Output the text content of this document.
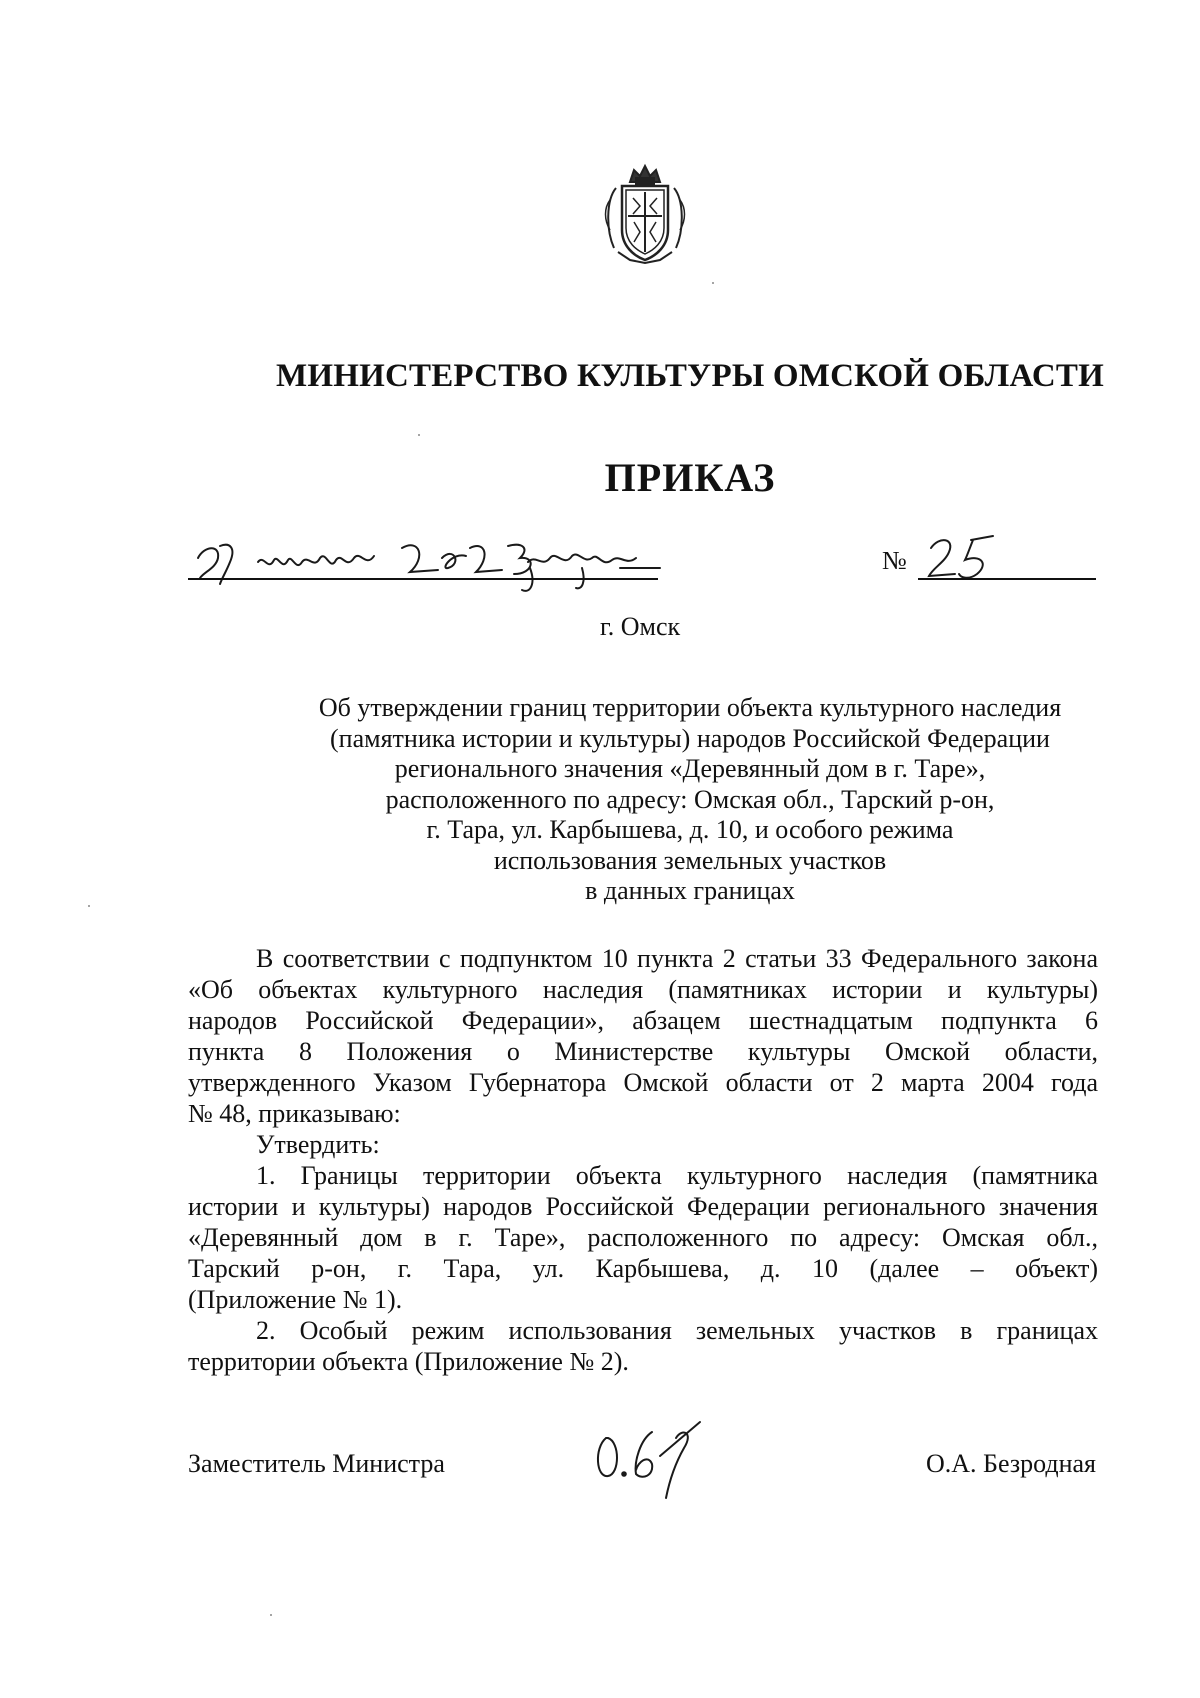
МИНИСТЕРСТВО КУЛЬТУРЫ ОМСКОЙ ОБЛАСТИ
ПРИКАЗ
№
г. Омск
Об утверждении границ территории объекта культурного наследия
(памятника истории и культуры) народов Российской Федерации
регионального значения «Деревянный дом в г. Таре»,
расположенного по адресу: Омская обл., Тарский р-он,
г. Тара, ул. Карбышева, д. 10, и особого режима
использования земельных участков
в данных границах
В соответствии с подпунктом 10 пункта 2 статьи 33 Федерального закона
«Об объектах культурного наследия (памятниках истории и культуры)
народов Российской Федерации», абзацем шестнадцатым подпункта 6
пункта 8 Положения о Министерстве культуры Омской области,
утвержденного Указом Губернатора Омской области от 2 марта 2004 года
№ 48, приказываю:
Утвердить:
1. Границы территории объекта культурного наследия (памятника
истории и культуры) народов Российской Федерации регионального значения
«Деревянный дом в г. Таре», расположенного по адресу: Омская обл.,
Тарский р-он, г. Тара, ул. Карбышева, д. 10 (далее – объект)
(Приложение № 1).
2. Особый режим использования земельных участков в границах
территории объекта (Приложение № 2).
Заместитель Министра	О.А. Безродная
